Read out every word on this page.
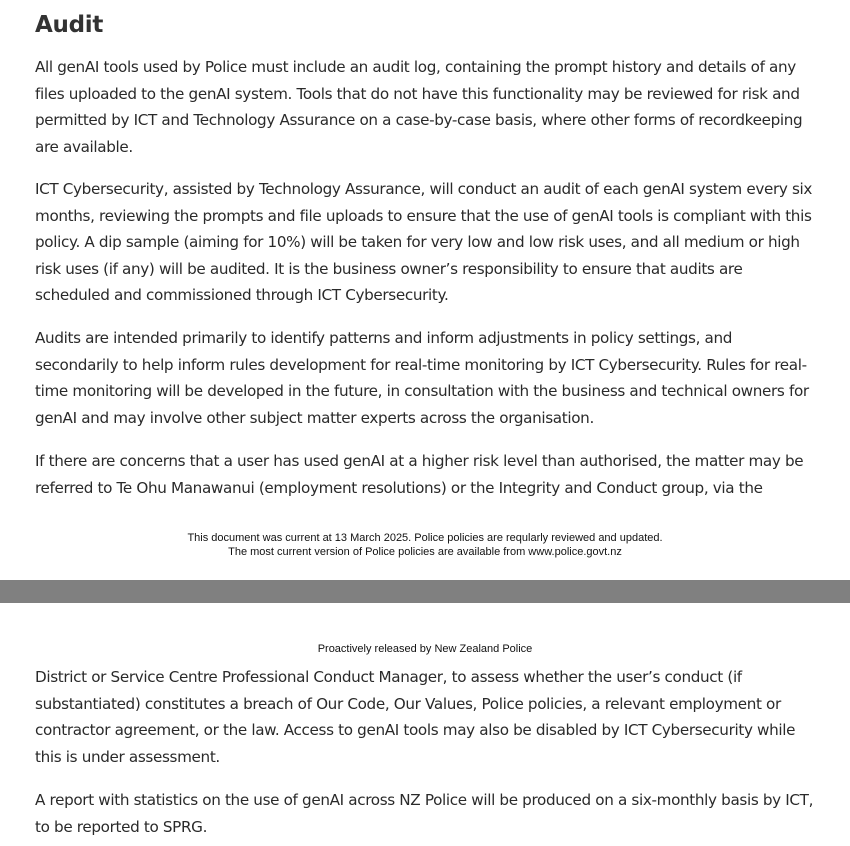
Audit

All genAI tools used by Police must include an audit log, containing the prompt history and details of any files uploaded to the genAI system. Tools that do not have this functionality may be reviewed for risk and permitted by ICT and Technology Assurance on a case-by-case basis, where other forms of recordkeeping are available.

ICT Cybersecurity, assisted by Technology Assurance, will conduct an audit of each genAI system every six months, reviewing the prompts and file uploads to ensure that the use of genAI tools is compliant with this policy. A dip sample (aiming for 10%) will be taken for very low and low risk uses, and all medium or high risk uses (if any) will be audited. It is the business owner’s responsibility to ensure that audits are scheduled and commissioned through ICT Cybersecurity.

Audits are intended primarily to identify patterns and inform adjustments in policy settings, and secondarily to help inform rules development for real-time monitoring by ICT Cybersecurity. Rules for real-time monitoring will be developed in the future, in consultation with the business and technical owners for genAI and may involve other subject matter experts across the organisation.

If there are concerns that a user has used genAI at a higher risk level than authorised, the matter may be referred to Te Ohu Manawanui (employment resolutions) or the Integrity and Conduct group, via the

This document was current at 13 March 2025. Police policies are reqularly reviewed and updated.
The most current version of Police policies are available from www.police.govt.nz
Proactively released by New Zealand Police

District or Service Centre Professional Conduct Manager, to assess whether the user’s conduct (if substantiated) constitutes a breach of Our Code, Our Values, Police policies, a relevant employment or contractor agreement, or the law. Access to genAI tools may also be disabled by ICT Cybersecurity while this is under assessment.

A report with statistics on the use of genAI across NZ Police will be produced on a six-monthly basis by ICT, to be reported to SPRG.
